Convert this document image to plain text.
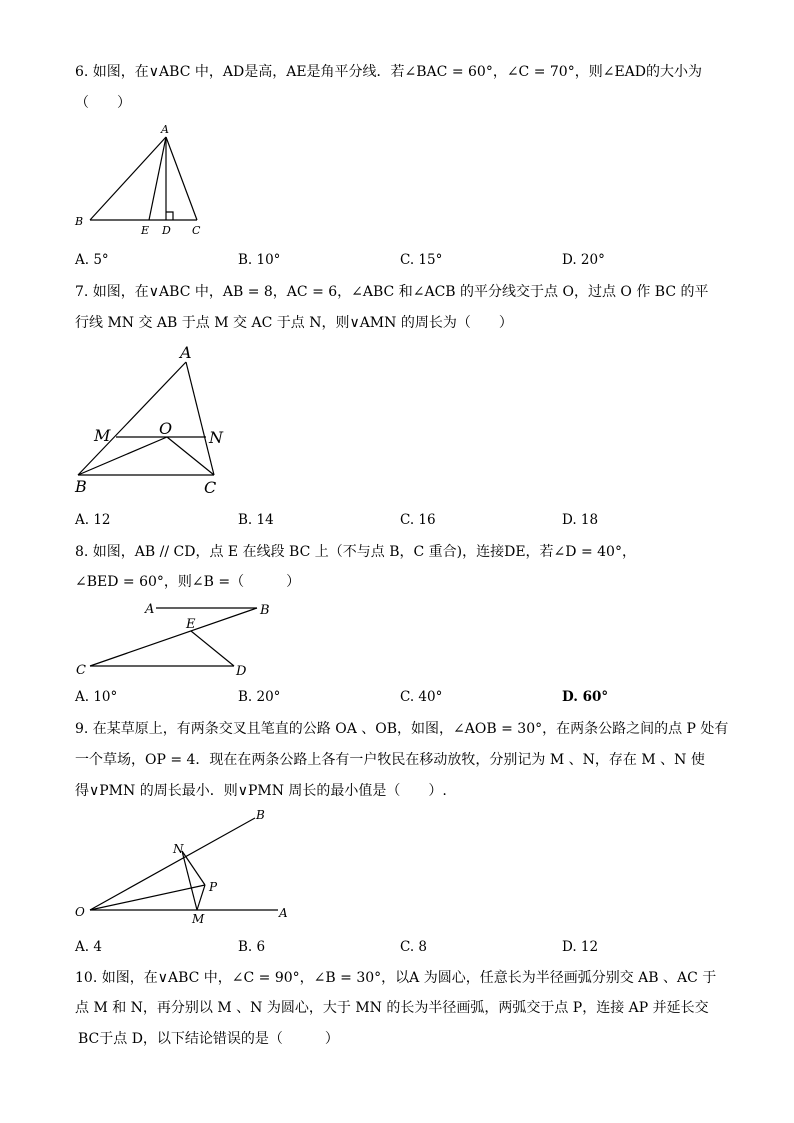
6. 如图，在∨ABC 中，AD是高，AE是角平分线．若∠BAC = 60°，∠C = 70°，则∠EAD的大小为
（　　）
A
B
E D C
A. 5°	B. 10°	C. 15°	D. 20°
7. 如图，在∨ABC 中，AB = 8，AC = 6，∠ABC 和∠ACB 的平分线交于点 O，过点 O 作 BC 的平
行线 MN 交 AB 于点 M 交 AC 于点 N，则∨AMN 的周长为（　　）
A
M	O N
B	C
A. 12	B. 14	C. 16	D. 18
8. 如图，AB // CD，点 E 在线段 BC 上（不与点 B，C 重合)，连接DE，若∠D = 40°，
∠BED = 60°，则∠B =（　　　）
A	B
E
C	D
A. 10°	B. 20°	C. 40°	D. 60°
9. 在某草原上，有两条交叉且笔直的公路 OA 、OB，如图，∠AOB = 30°，在两条公路之间的点 P 处有
一个草场，OP = 4．现在在两条公路上各有一户牧民在移动放牧，分别记为 M 、N，存在 M 、N 使
得∨PMN 的周长最小．则∨PMN 周长的最小值是（　　）.
B
N
P
O	M	A
A. 4	B. 6	C. 8	D. 12
10. 如图，在∨ABC 中，∠C = 90°，∠B = 30°，以A 为圆心，任意长为半径画弧分别交 AB 、AC 于
点 M 和 N，再分别以 M 、N 为圆心，大于 MN 的长为半径画弧，两弧交于点 P，连接 AP 并延长交
BC于点 D，以下结论错误的是（　　　）
